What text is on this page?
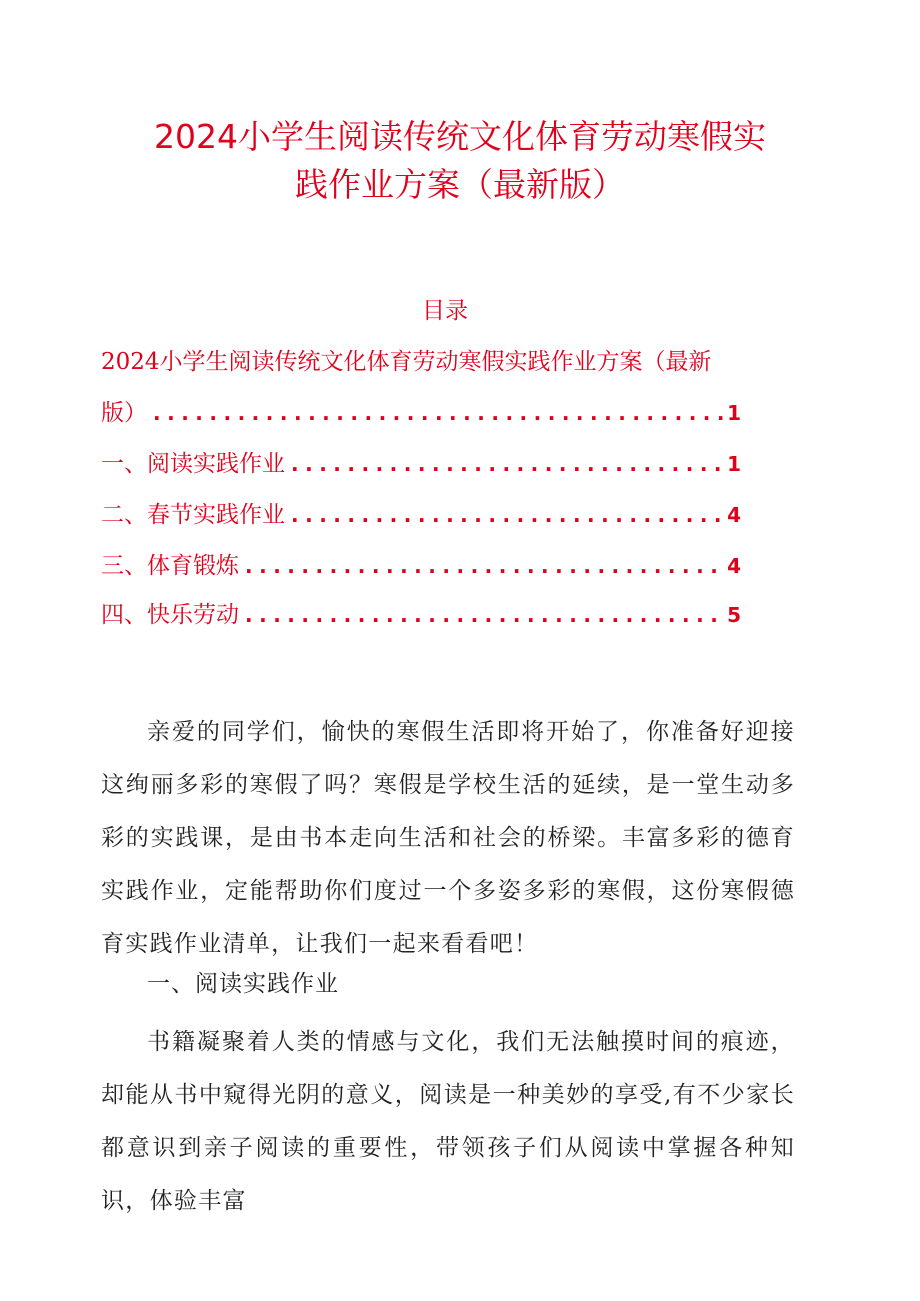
2024小学生阅读传统文化体育劳动寒假实
践作业方案（最新版）
目录
2024小学生阅读传统文化体育劳动寒假实践作业方案（最新
版） .....	1
一、阅读实践作业 .....	1
二、春节实践作业 .....	4
三、体育锻炼 .....	4
四、快乐劳动 .....	5

亲爱的同学们，愉快的寒假生活即将开始了，你准备好迎接这绚丽多彩的寒假了吗？寒假是学校生活的延续，是一堂生动多彩的实践课，是由书本走向生活和社会的桥梁。丰富多彩的德育实践作业，定能帮助你们度过一个多姿多彩的寒假，这份寒假德育实践作业清单，让我们一起来看看吧！

一、阅读实践作业

书籍凝聚着人类的情感与文化，我们无法触摸时间的痕迹，却能从书中窥得光阴的意义，阅读是一种美妙的享受,有不少家长都意识到亲子阅读的重要性，带领孩子们从阅读中掌握各种知识，体验丰富
